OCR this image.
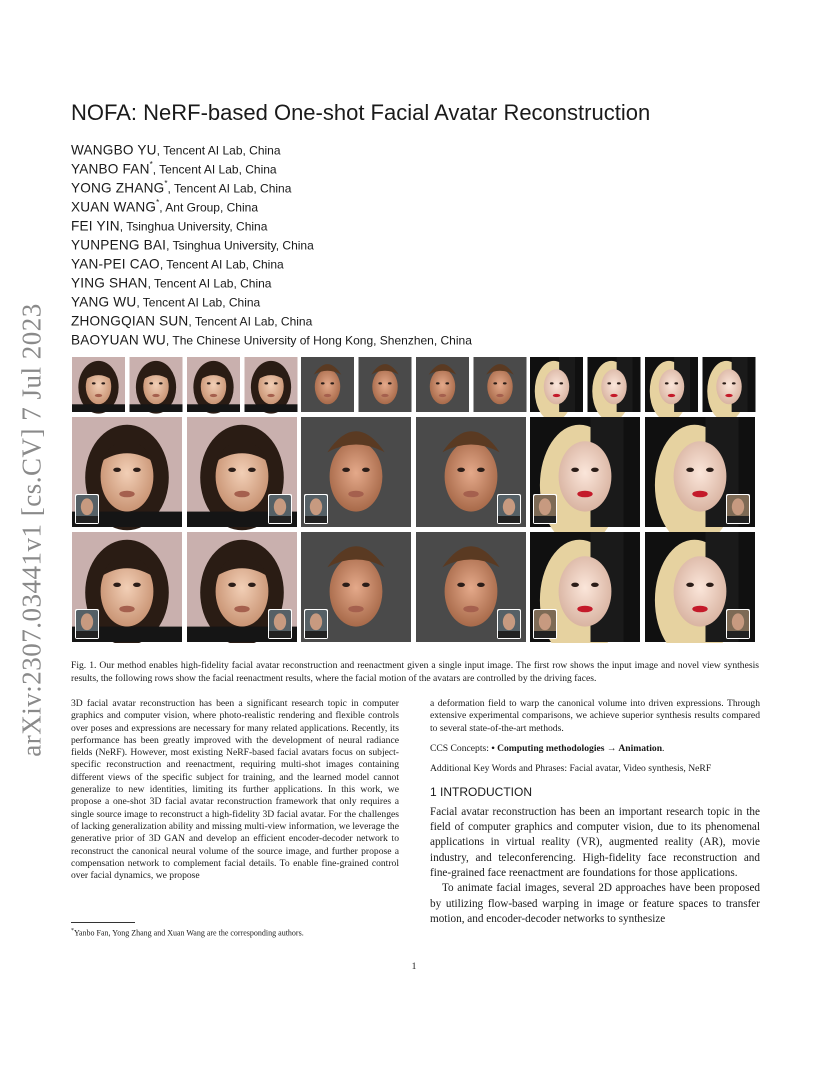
arXiv:2307.03441v1 [cs.CV] 7 Jul 2023
NOFA: NeRF-based One-shot Facial Avatar Reconstruction
WANGBO YU, Tencent AI Lab, China
YANBO FAN*, Tencent AI Lab, China
YONG ZHANG*, Tencent AI Lab, China
XUAN WANG*, Ant Group, China
FEI YIN, Tsinghua University, China
YUNPENG BAI, Tsinghua University, China
YAN-PEI CAO, Tencent AI Lab, China
YING SHAN, Tencent AI Lab, China
YANG WU, Tencent AI Lab, China
ZHONGQIAN SUN, Tencent AI Lab, China
BAOYUAN WU, The Chinese University of Hong Kong, Shenzhen, China
Fig. 1. Our method enables high-fidelity facial avatar reconstruction and reenactment given a single input image. The first row shows the input image and novel view synthesis results, the following rows show the facial reenactment results, where the facial motion of the avatars are controlled by the driving faces.

3D facial avatar reconstruction has been a significant research topic in computer graphics and computer vision, where photo-realistic rendering and flexible controls over poses and expressions are necessary for many related applications. Recently, its performance has been greatly improved with the development of neural radiance fields (NeRF). However, most existing NeRF-based facial avatars focus on subject-specific reconstruction and reenactment, requiring multi-shot images containing different views of the specific subject for training, and the learned model cannot generalize to new identities, limiting its further applications. In this work, we propose a one-shot 3D facial avatar reconstruction framework that only requires a single source image to reconstruct a high-fidelity 3D facial avatar. For the challenges of lacking generalization ability and missing multi-view information, we leverage the generative prior of 3D GAN and develop an efficient encoder-decoder network to reconstruct the canonical neural volume of the source image, and further propose a compensation network to complement facial details. To enable fine-grained control over facial dynamics, we propose

a deformation field to warp the canonical volume into driven expressions. Through extensive experimental comparisons, we achieve superior synthesis results compared to several state-of-the-art methods.

CCS Concepts: • Computing methodologies → Animation.

Additional Key Words and Phrases: Facial avatar, Video synthesis, NeRF

1 INTRODUCTION

Facial avatar reconstruction has been an important research topic in the field of computer graphics and computer vision, due to its phenomenal applications in virtual reality (VR), augmented reality (AR), movie industry, and teleconferencing. High-fidelity face reconstruction and fine-grained face reenactment are foundations for those applications.

To animate facial images, several 2D approaches have been proposed by utilizing flow-based warping in image or feature spaces to transfer motion, and encoder-decoder networks to synthesize

*Yanbo Fan, Yong Zhang and Xuan Wang are the corresponding authors.
1
